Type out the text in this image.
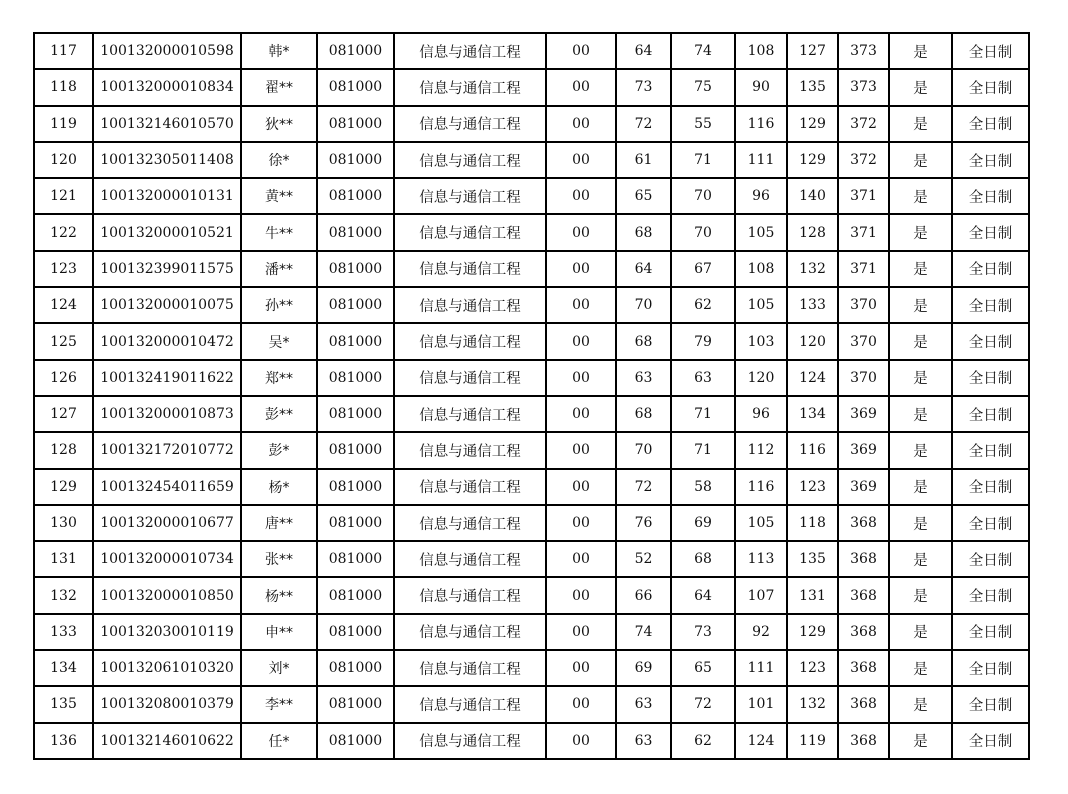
117	100132000010598	韩*	081000	信息与通信工程	00	64	74	108	127	373	是	全日制
118	100132000010834	翟**	081000	信息与通信工程	00	73	75	90	135	373	是	全日制
119	100132146010570	狄**	081000	信息与通信工程	00	72	55	116	129	372	是	全日制
120	100132305011408	徐*	081000	信息与通信工程	00	61	71	111	129	372	是	全日制
121	100132000010131	黄**	081000	信息与通信工程	00	65	70	96	140	371	是	全日制
122	100132000010521	牛**	081000	信息与通信工程	00	68	70	105	128	371	是	全日制
123	100132399011575	潘**	081000	信息与通信工程	00	64	67	108	132	371	是	全日制
124	100132000010075	孙**	081000	信息与通信工程	00	70	62	105	133	370	是	全日制
125	100132000010472	吴*	081000	信息与通信工程	00	68	79	103	120	370	是	全日制
126	100132419011622	郑**	081000	信息与通信工程	00	63	63	120	124	370	是	全日制
127	100132000010873	彭**	081000	信息与通信工程	00	68	71	96	134	369	是	全日制
128	100132172010772	彭*	081000	信息与通信工程	00	70	71	112	116	369	是	全日制
129	100132454011659	杨*	081000	信息与通信工程	00	72	58	116	123	369	是	全日制
130	100132000010677	唐**	081000	信息与通信工程	00	76	69	105	118	368	是	全日制
131	100132000010734	张**	081000	信息与通信工程	00	52	68	113	135	368	是	全日制
132	100132000010850	杨**	081000	信息与通信工程	00	66	64	107	131	368	是	全日制
133	100132030010119	申**	081000	信息与通信工程	00	74	73	92	129	368	是	全日制
134	100132061010320	刘*	081000	信息与通信工程	00	69	65	111	123	368	是	全日制
135	100132080010379	李**	081000	信息与通信工程	00	63	72	101	132	368	是	全日制
136	100132146010622	任*	081000	信息与通信工程	00	63	62	124	119	368	是	全日制
